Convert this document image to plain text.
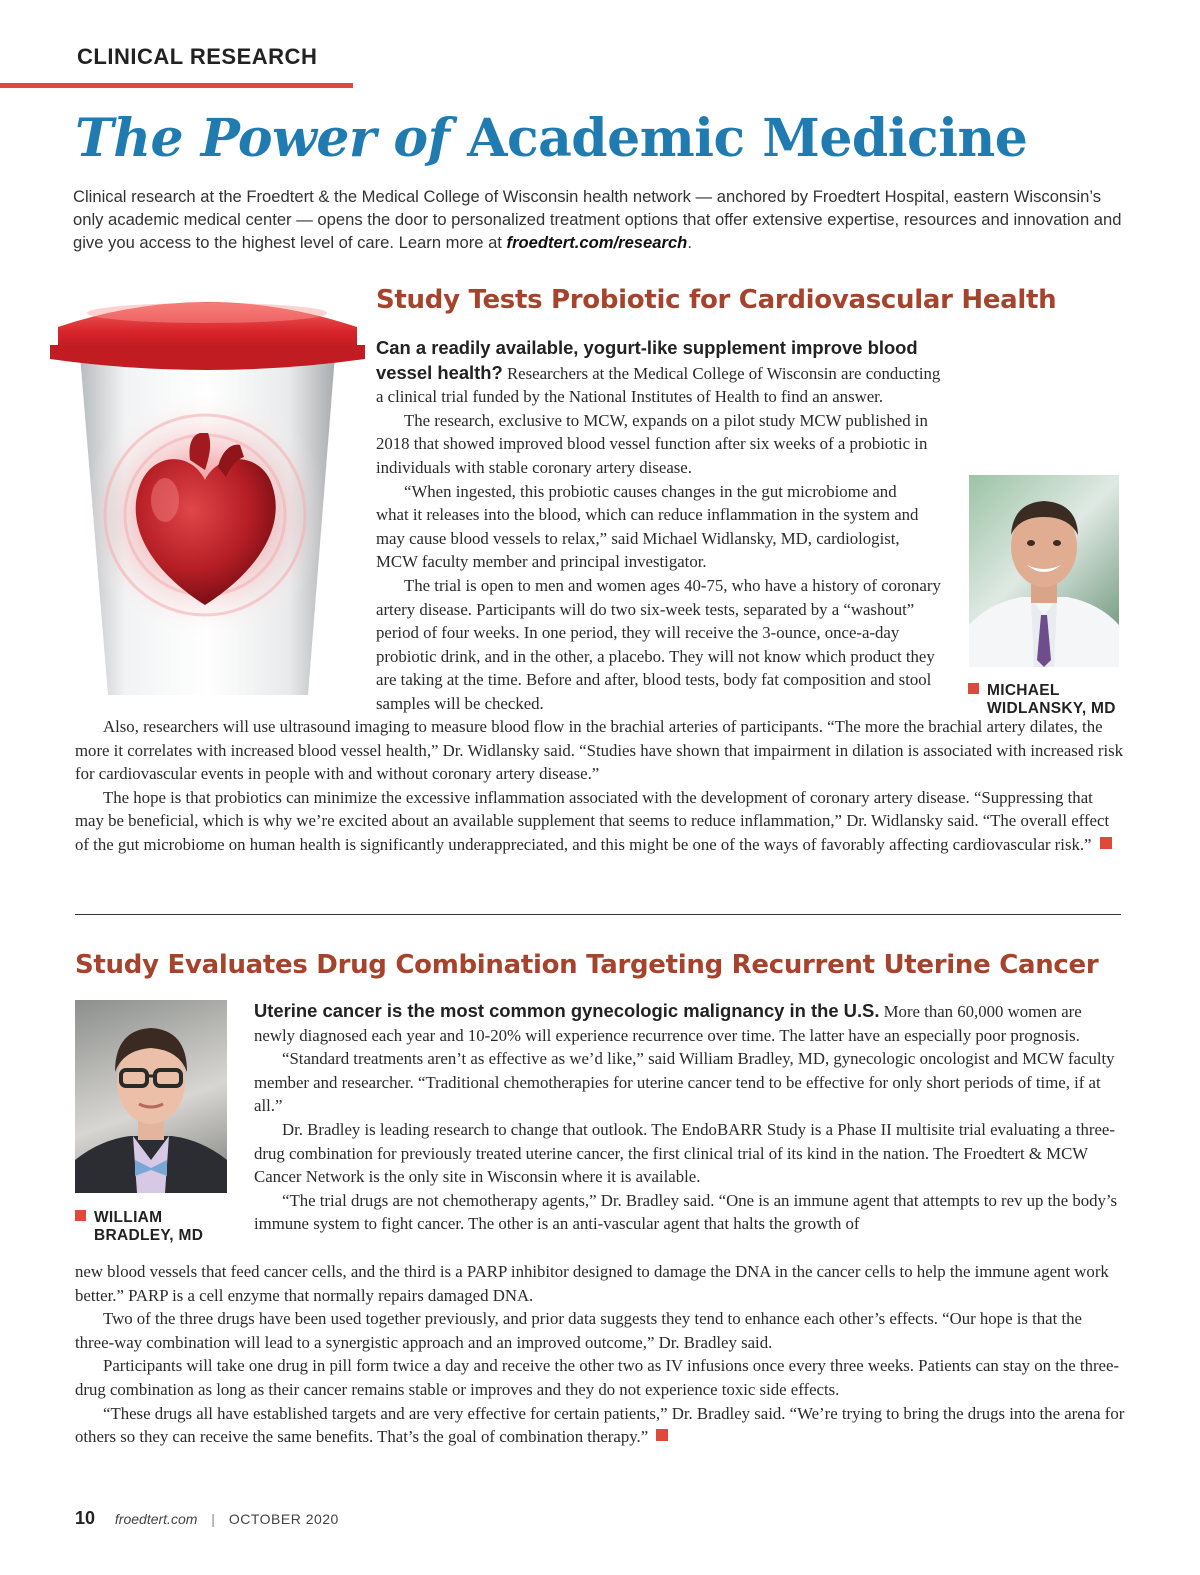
CLINICAL RESEARCH
The Power of Academic Medicine

Clinical research at the Froedtert & the Medical College of Wisconsin health network — anchored by Froedtert Hospital, eastern Wisconsin’s only academic medical center — opens the door to personalized treatment options that offer extensive expertise, resources and innovation and give you access to the highest level of care. Learn more at froedtert.com/research.

Study Tests Probiotic for Cardiovascular Health

Can a readily available, yogurt-like supplement improve blood vessel health? Researchers at the Medical College of Wisconsin are conducting a clinical trial funded by the National Institutes of Health to find an answer.

The research, exclusive to MCW, expands on a pilot study MCW published in 2018 that showed improved blood vessel function after six weeks of a probiotic in individuals with stable coronary artery disease.

“When ingested, this probiotic causes changes in the gut microbiome and what it releases into the blood, which can reduce inflammation in the system and may cause blood vessels to relax,” said Michael Widlansky, MD, cardiologist, MCW faculty member and principal investigator.

The trial is open to men and women ages 40-75, who have a history of coronary artery disease. Participants will do two six-week tests, separated by a “washout” period of four weeks. In one period, they will receive the 3-ounce, once-a-day probiotic drink, and in the other, a placebo. They will not know which product they are taking at the time. Before and after, blood tests, body fat composition and stool samples will be checked.

MICHAEL
WIDLANSKY, MD

Also, researchers will use ultrasound imaging to measure blood flow in the brachial arteries of participants. “The more the brachial artery dilates, the more it correlates with increased blood vessel health,” Dr. Widlansky said. “Studies have shown that impairment in dilation is associated with increased risk for cardiovascular events in people with and without coronary artery disease.”

The hope is that probiotics can minimize the excessive inflammation associated with the development of coronary artery disease. “Suppressing that may be beneficial, which is why we’re excited about an available supplement that seems to reduce inflammation,” Dr. Widlansky said. “The overall effect of the gut microbiome on human health is significantly underappreciated, and this might be one of the ways of favorably affecting cardiovascular risk.”

Study Evaluates Drug Combination Targeting Recurrent Uterine Cancer
WILLIAM
BRADLEY, MD

Uterine cancer is the most common gynecologic malignancy in the U.S. More than 60,000 women are newly diagnosed each year and 10-20% will experience recurrence over time. The latter have an especially poor prognosis.

“Standard treatments aren’t as effective as we’d like,” said William Bradley, MD, gynecologic oncologist and MCW faculty member and researcher. “Traditional chemotherapies for uterine cancer tend to be effective for only short periods of time, if at all.”

Dr. Bradley is leading research to change that outlook. The EndoBARR Study is a Phase II multisite trial evaluating a three-drug combination for previously treated uterine cancer, the first clinical trial of its kind in the nation. The Froedtert & MCW Cancer Network is the only site in Wisconsin where it is available.

“The trial drugs are not chemotherapy agents,” Dr. Bradley said. “One is an immune agent that attempts to rev up the body’s immune system to fight cancer. The other is an anti-vascular agent that halts the growth of

new blood vessels that feed cancer cells, and the third is a PARP inhibitor designed to damage the DNA in the cancer cells to help the immune agent work better.” PARP is a cell enzyme that normally repairs damaged DNA.

Two of the three drugs have been used together previously, and prior data suggests they tend to enhance each other’s effects. “Our hope is that the three-way combination will lead to a synergistic approach and an improved outcome,” Dr. Bradley said.

Participants will take one drug in pill form twice a day and receive the other two as IV infusions once every three weeks. Patients can stay on the three-drug combination as long as their cancer remains stable or improves and they do not experience toxic side effects.

“These drugs all have established targets and are very effective for certain patients,” Dr. Bradley said. “We’re trying to bring the drugs into the arena for others so they can receive the same benefits. That’s the goal of combination therapy.”

10 froedtert.com | OCTOBER 2020
